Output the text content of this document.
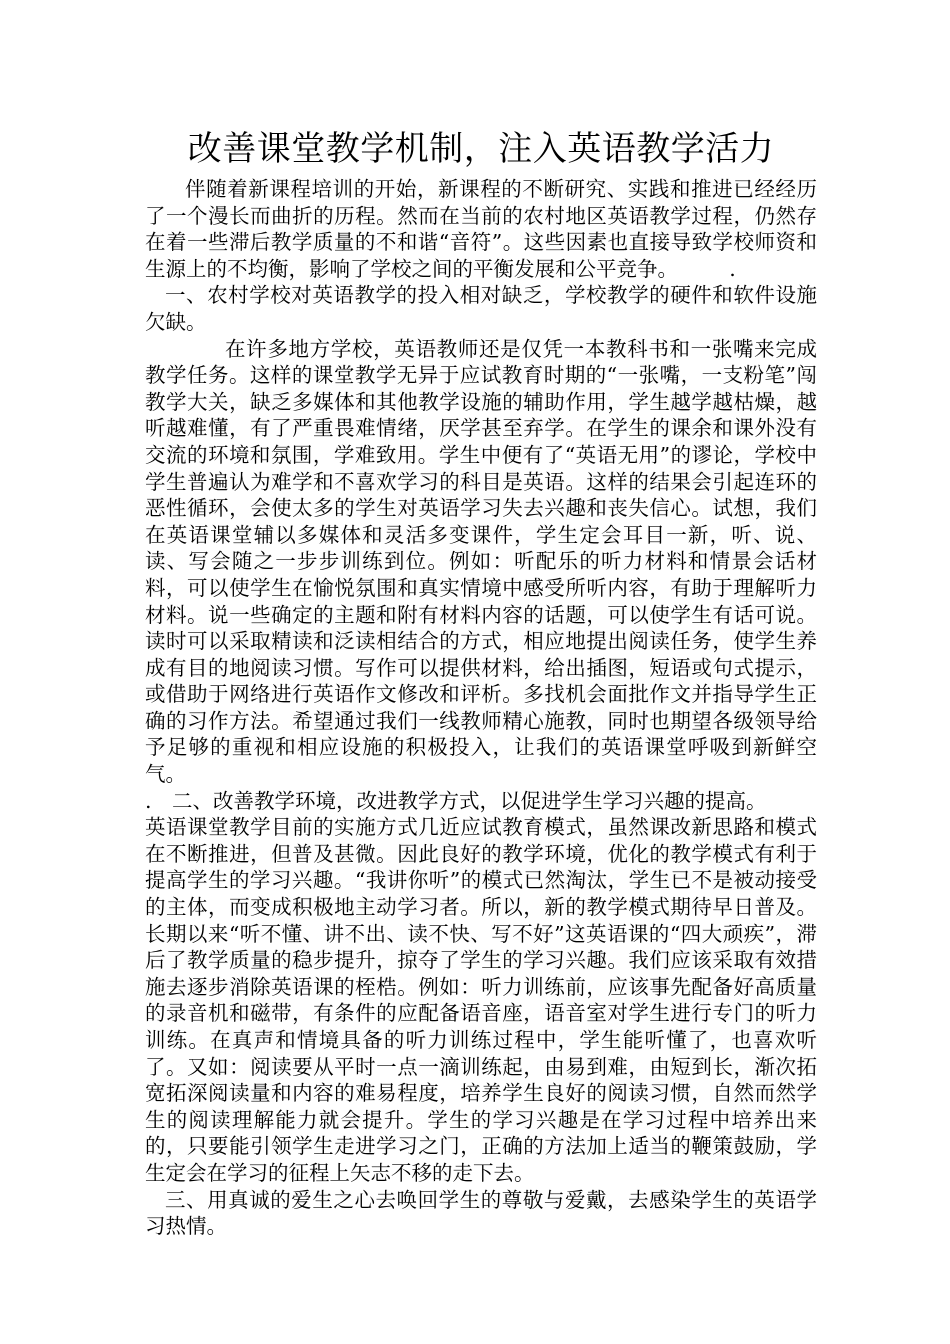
改善课堂教学机制，注入英语教学活力

伴随着新课程培训的开始，新课程的不断研究、实践和推进已经经历了一个漫长而曲折的历程。然而在当前的农村地区英语教学过程，仍然存在着一些滞后教学质量的不和谐“音符”。这些因素也直接导致学校师资和生源上的不均衡，影响了学校之间的平衡发展和公平竞争。　　　.

一、农村学校对英语教学的投入相对缺乏，学校教学的硬件和软件设施欠缺。

在许多地方学校，英语教师还是仅凭一本教科书和一张嘴来完成教学任务。这样的课堂教学无异于应试教育时期的“一张嘴，一支粉笔”闯教学大关，缺乏多媒体和其他教学设施的辅助作用，学生越学越枯燥，越听越难懂，有了严重畏难情绪，厌学甚至弃学。在学生的课余和课外没有交流的环境和氛围，学难致用。学生中便有了“英语无用”的谬论，学校中学生普遍认为难学和不喜欢学习的科目是英语。这样的结果会引起连环的恶性循环，会使太多的学生对英语学习失去兴趣和丧失信心。试想，我们在英语课堂辅以多媒体和灵活多变课件，学生定会耳目一新，听、说、读、写会随之一步步训练到位。例如：听配乐的听力材料和情景会话材料，可以使学生在愉悦氛围和真实情境中感受所听内容，有助于理解听力材料。说一些确定的主题和附有材料内容的话题，可以使学生有话可说。读时可以采取精读和泛读相结合的方式，相应地提出阅读任务，使学生养成有目的地阅读习惯。写作可以提供材料，给出插图，短语或句式提示，或借助于网络进行英语作文修改和评析。多找机会面批作文并指导学生正确的习作方法。希望通过我们一线教师精心施教，同时也期望各级领导给予足够的重视和相应设施的积极投入，让我们的英语课堂呼吸到新鲜空气。

.　二、改善教学环境，改进教学方式，以促进学生学习兴趣的提高。

英语课堂教学目前的实施方式几近应试教育模式，虽然课改新思路和模式在不断推进，但普及甚微。因此良好的教学环境，优化的教学模式有利于提高学生的学习兴趣。“我讲你听”的模式已然淘汰，学生已不是被动接受的主体，而变成积极地主动学习者。所以，新的教学模式期待早日普及。长期以来“听不懂、讲不出、读不快、写不好”这英语课的“四大顽疾”，滞后了教学质量的稳步提升，掠夺了学生的学习兴趣。我们应该采取有效措施去逐步消除英语课的桎梏。例如：听力训练前，应该事先配备好高质量的录音机和磁带，有条件的应配备语音座，语音室对学生进行专门的听力训练。在真声和情境具备的听力训练过程中，学生能听懂了，也喜欢听了。又如：阅读要从平时一点一滴训练起，由易到难，由短到长，渐次拓宽拓深阅读量和内容的难易程度，培养学生良好的阅读习惯，自然而然学生的阅读理解能力就会提升。学生的学习兴趣是在学习过程中培养出来的，只要能引领学生走进学习之门，正确的方法加上适当的鞭策鼓励，学生定会在学习的征程上矢志不移的走下去。

三、用真诚的爱生之心去唤回学生的尊敬与爱戴，去感染学生的英语学习热情。
